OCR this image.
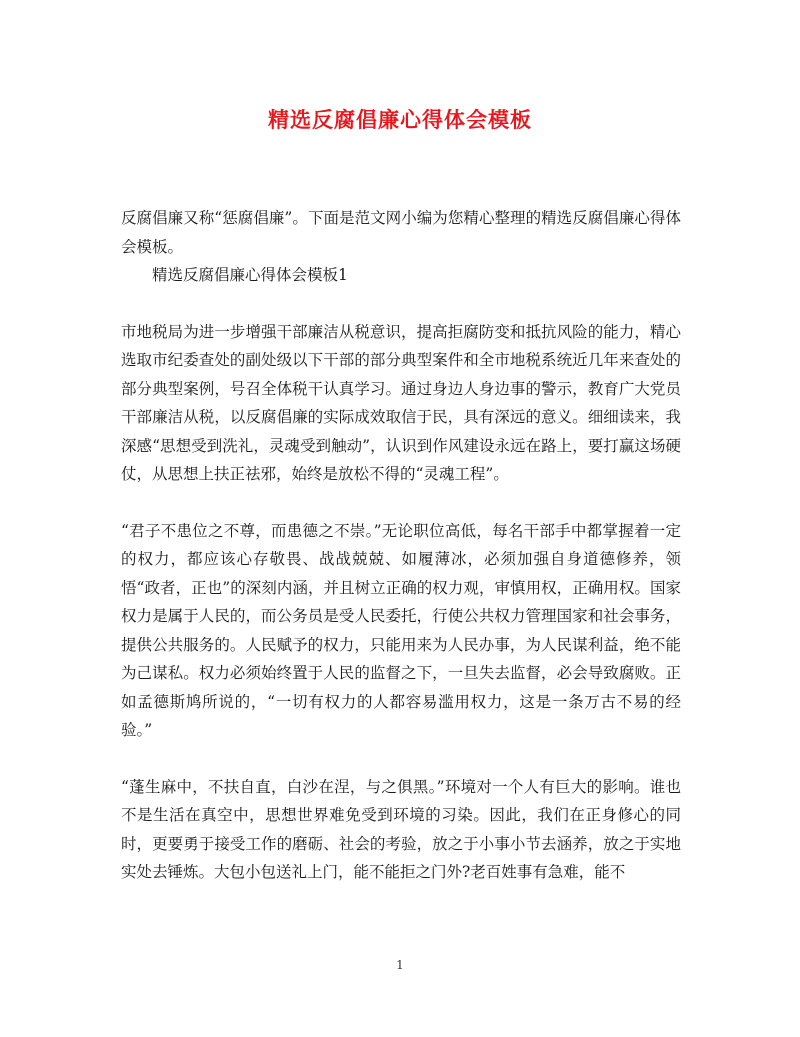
精选反腐倡廉心得体会模板

反腐倡廉又称“惩腐倡廉”。下面是范文网小编为您精心整理的精选反腐倡廉心得体会模板。

精选反腐倡廉心得体会模板1

市地税局为进一步增强干部廉洁从税意识，提高拒腐防变和抵抗风险的能力，精心选取市纪委查处的副处级以下干部的部分典型案件和全市地税系统近几年来查处的部分典型案例，号召全体税干认真学习。通过身边人身边事的警示，教育广大党员干部廉洁从税，以反腐倡廉的实际成效取信于民，具有深远的意义。细细读来，我深感“思想受到洗礼，灵魂受到触动”，认识到作风建设永远在路上，要打赢这场硬仗，从思想上扶正祛邪，始终是放松不得的“灵魂工程”。

“君子不患位之不尊，而患德之不崇。”无论职位高低，每名干部手中都掌握着一定的权力，都应该心存敬畏、战战兢兢、如履薄冰，必须加强自身道德修养，领悟“政者，正也”的深刻内涵，并且树立正确的权力观，审慎用权，正确用权。国家权力是属于人民的，而公务员是受人民委托，行使公共权力管理国家和社会事务，提供公共服务的。人民赋予的权力，只能用来为人民办事，为人民谋利益，绝不能为己谋私。权力必须始终置于人民的监督之下，一旦失去监督，必会导致腐败。正如孟德斯鸠所说的，“一切有权力的人都容易滥用权力，这是一条万古不易的经验。”

“蓬生麻中，不扶自直，白沙在涅，与之俱黑。”环境对一个人有巨大的影响。谁也不是生活在真空中，思想世界难免受到环境的习染。因此，我们在正身修心的同时，更要勇于接受工作的磨砺、社会的考验，放之于小事小节去涵养，放之于实地实处去锤炼。大包小包送礼上门，能不能拒之门外?老百姓事有急难，能不

1
